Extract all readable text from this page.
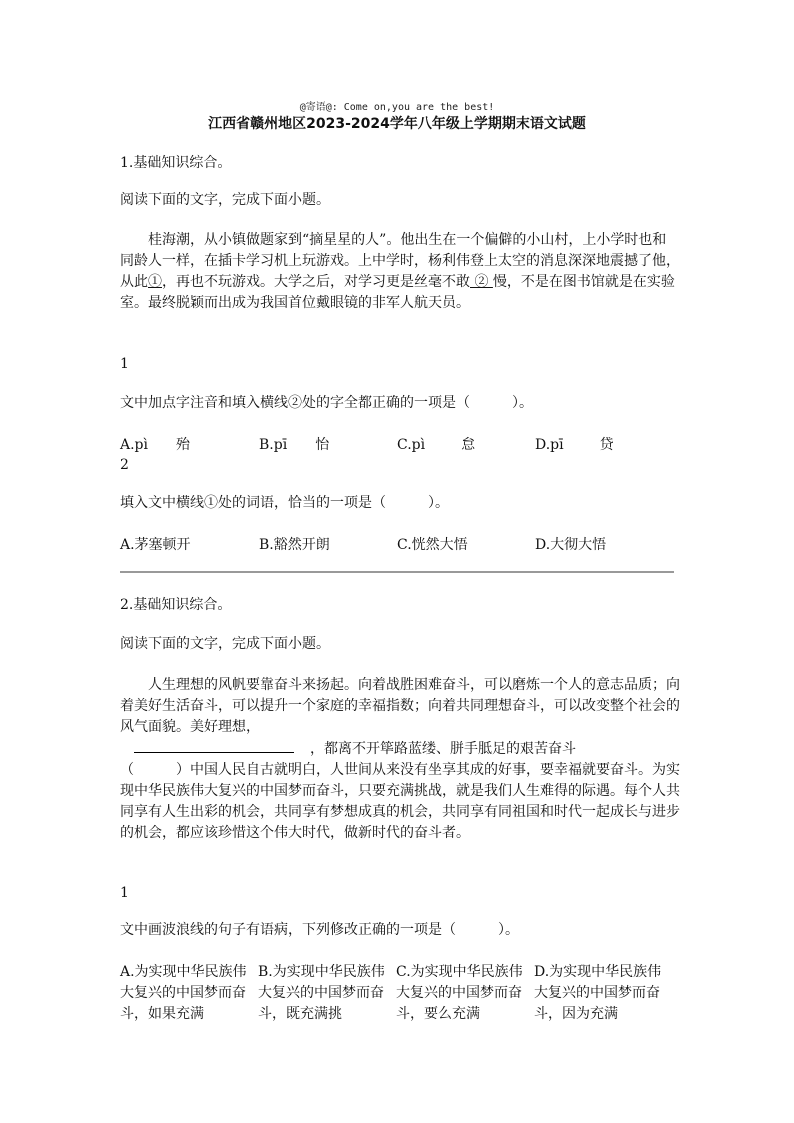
@寄语@: Come on,you are the best!
江西省赣州地区2023-2024学年八年级上学期期末语文试题
1.基础知识综合。
阅读下面的文字，完成下面小题。
桂海潮，从小镇做题家到“摘星星的人”。他出生在一个偏僻的小山村，上小学时也和同龄人一样，在插卡学习机上玩游戏。上中学时，杨利伟登上太空的消息深深地震撼了他，从此①，再也不玩游戏。大学之后，对学习更是丝毫不敢 ② 慢，不是在图书馆就是在实验室。最终脱颖而出成为我国首位戴眼镜的非军人航天员。
1
文中加点字注音和填入横线②处的字全都正确的一项是（　　　）。
A.pì 殆	B.pī 怡	C.pì	怠	D.pī	贷
2
填入文中横线①处的词语，恰当的一项是（　　　）。
A.茅塞顿开	B.豁然开朗	C.恍然大悟	D.大彻大悟
2.基础知识综合。
阅读下面的文字，完成下面小题。
人生理想的风帆要靠奋斗来扬起。向着战胜困难奋斗，可以磨炼一个人的意志品质；向着美好生活奋斗，可以提升一个家庭的幸福指数；向着共同理想奋斗，可以改变整个社会的风气面貌。美好理想，
，都离不开筚路蓝缕、胼手胝足的艰苦奋斗
（　　　）中国人民自古就明白，人世间从来没有坐享其成的好事，要幸福就要奋斗。为实现中华民族伟大复兴的中国梦而奋斗，只要充满挑战，就是我们人生难得的际遇。每个人共同享有人生出彩的机会，共同享有梦想成真的机会，共同享有同祖国和时代一起成长与进步的机会，都应该珍惜这个伟大时代，做新时代的奋斗者。
1
文中画波浪线的句子有语病，下列修改正确的一项是（　　　）。
A.为实现中华民族伟大复兴的中国梦而奋斗，如果充满
B.为实现中华民族伟大复兴的中国梦而奋斗，既充满挑
C.为实现中华民族伟大复兴的中国梦而奋斗，要么充满
D.为实现中华民族伟大复兴的中国梦而奋斗，因为充满
